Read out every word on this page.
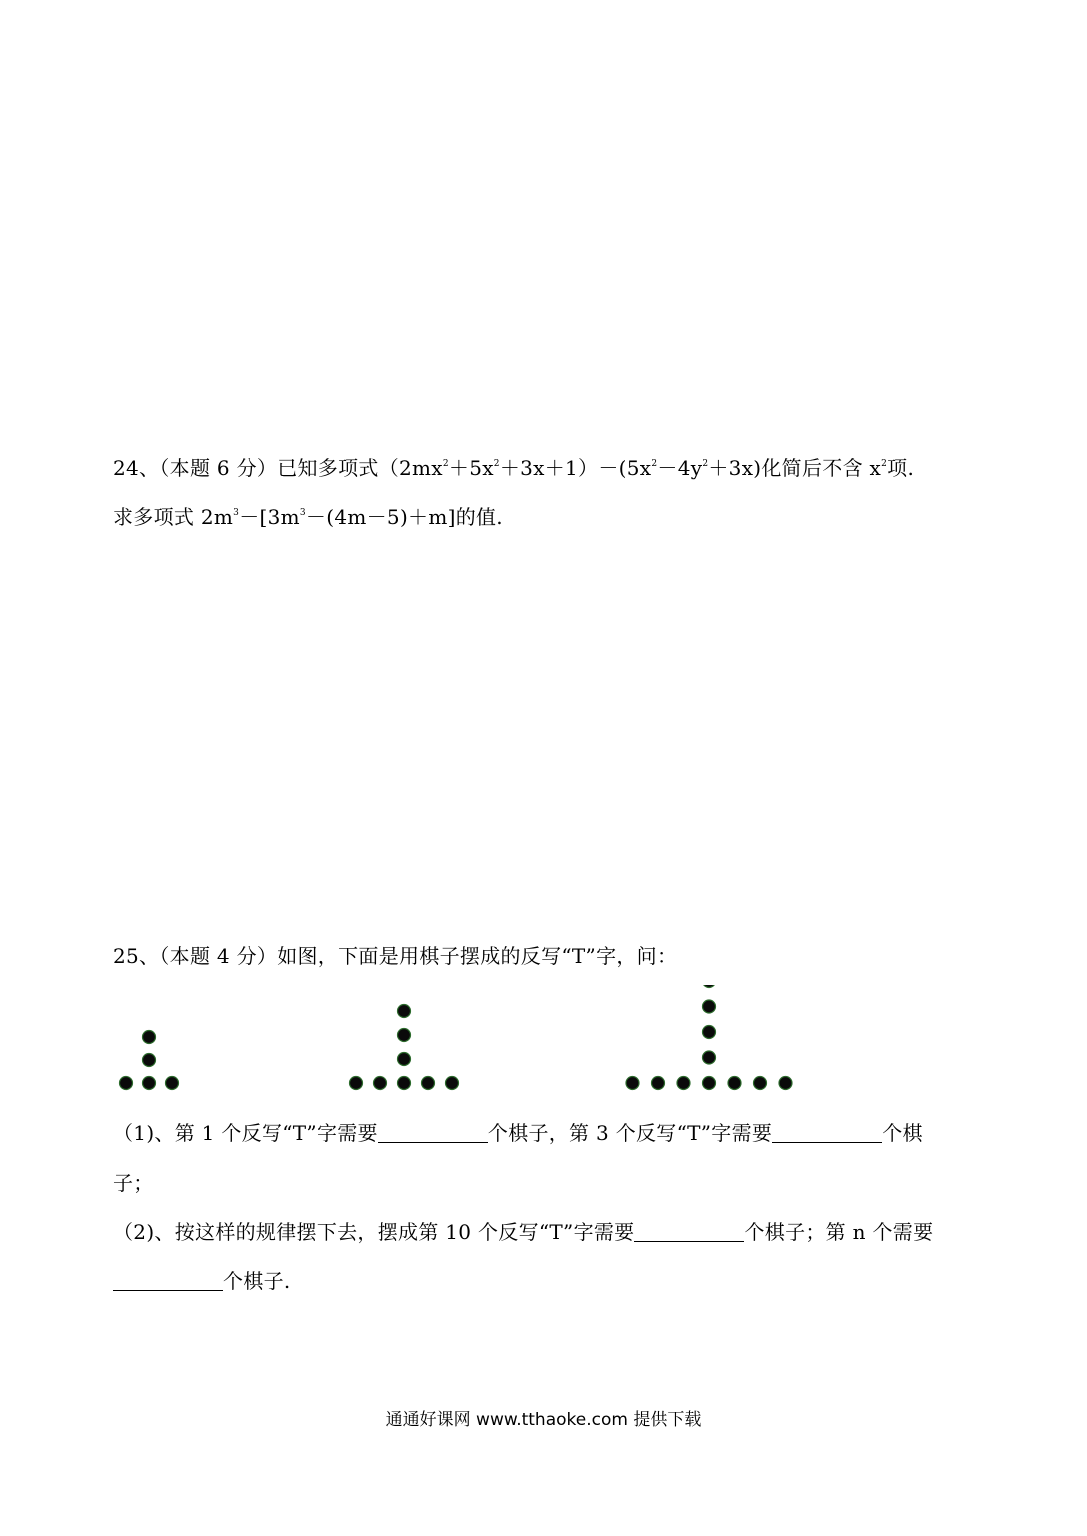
24、（本题 6 分）已知多项式$(2mx^2+5x^2+3x+1)-(5x^2-4y^2+3x)$化简后不含 $x^2$项.
求多项式 $2m^3-[3m^3-(4m-5)+m]$的值.
25、（本题 4 分）如图，下面是用棋子摆成的反写“T”字，问：
（1)、第 1 个反写“T”字需要	个棋子，第 3 个反写“T”字需要	个棋
子；
（2)、按这样的规律摆下去，摆成第 10 个反写“T”字需要	个棋子；第 n 个需要
个棋子.
通通好课网 www.tthaoke.com 提供下载
